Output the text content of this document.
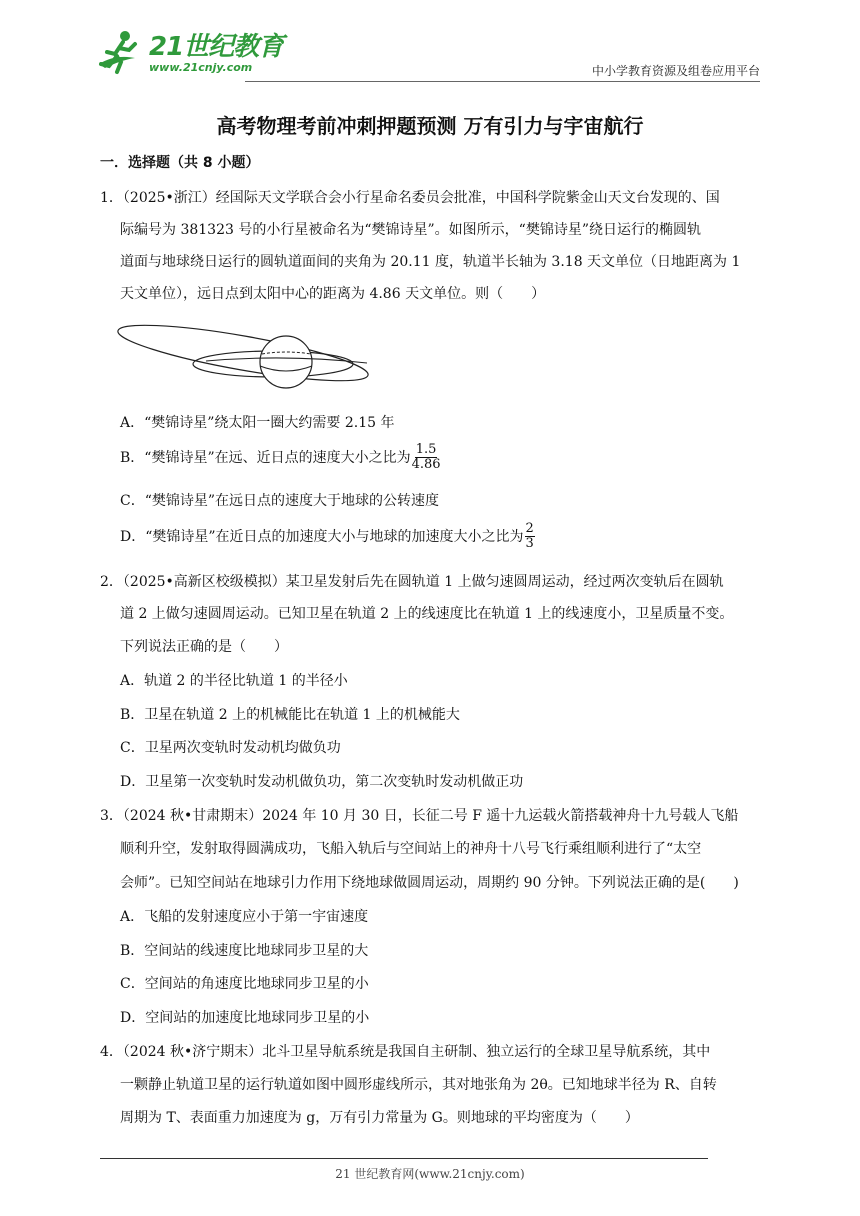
21世纪教育
www.21cnjy.com	中小学教育资源及组卷应用平台
高考物理考前冲刺押题预测 万有引力与宇宙航行
一．选择题（共 8 小题）
1．（2025•浙江）经国际天文学联合会小行星命名委员会批准，中国科学院紫金山天文台发现的、国
际编号为 381323 号的小行星被命名为“樊锦诗星”。如图所示，“樊锦诗星”绕日运行的椭圆轨
道面与地球绕日运行的圆轨道面间的夹角为 20.11 度，轨道半长轴为 3.18 天文单位（日地距离为 1
天文单位），远日点到太阳中心的距离为 4.86 天文单位。则（　　）
A．“樊锦诗星”绕太阳一圈大约需要 2.15 年
B．“樊锦诗星”在远、近日点的速度大小之比为 $\frac{1.5}{4.86}$
C．“樊锦诗星”在远日点的速度大于地球的公转速度
D．“樊锦诗星”在近日点的加速度大小与地球的加速度大小之比为 $\frac{2}{3}$
2．（2025•高新区校级模拟）某卫星发射后先在圆轨道 1 上做匀速圆周运动，经过两次变轨后在圆轨
道 2 上做匀速圆周运动。已知卫星在轨道 2 上的线速度比在轨道 1 上的线速度小，卫星质量不变。
下列说法正确的是（　　）
A．轨道 2 的半径比轨道 1 的半径小
B．卫星在轨道 2 上的机械能比在轨道 1 上的机械能大
C．卫星两次变轨时发动机均做负功
D．卫星第一次变轨时发动机做负功，第二次变轨时发动机做正功
3．（2024 秋•甘肃期末）2024 年 10 月 30 日，长征二号 F 遥十九运载火箭搭载神舟十九号载人飞船
顺利升空，发射取得圆满成功，飞船入轨后与空间站上的神舟十八号飞行乘组顺利进行了“太空
会师”。已知空间站在地球引力作用下绕地球做圆周运动，周期约 90 分钟。下列说法正确的是(　　)
A．飞船的发射速度应小于第一宇宙速度
B．空间站的线速度比地球同步卫星的大
C．空间站的角速度比地球同步卫星的小
D．空间站的加速度比地球同步卫星的小
4．（2024 秋•济宁期末）北斗卫星导航系统是我国自主研制、独立运行的全球卫星导航系统，其中
一颗静止轨道卫星的运行轨道如图中圆形虚线所示，其对地张角为 2θ。已知地球半径为 R、自转
周期为 T、表面重力加速度为 g，万有引力常量为 G。则地球的平均密度为（　　）
21 世纪教育网(www.21cnjy.com)
